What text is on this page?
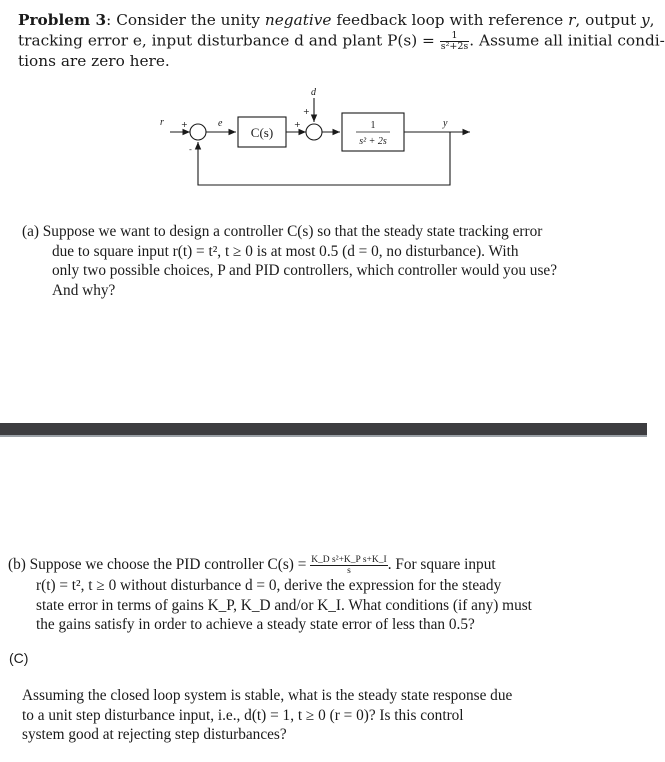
Problem 3: Consider the unity negative feedback loop with reference r, output y,
tracking error e, input disturbance d and plant $P(s) = \frac{1}{\text{s²+2s}}$ . Assume all initial condi-
tions are zero here.
r	e
d
y
+
-
+
+
C(s)	1
s² + 2s
(a) Suppose we want to design a controller C(s) so that the steady state tracking error
due to square input r(t) = t², t ≥ 0 is at most 0.5 (d = 0, no disturbance). With
only two possible choices, P and PID controllers, which controller would you use?
And why?
(b) Suppose we choose the PID controller $C(s) = \frac{\text{K\_D s²+K\_P s+K\_I}}{s}$ . For square input
r(t) = t², t ≥ 0 without disturbance d = 0, derive the expression for the steady
state error in terms of gains K_P, K_D and/or K_I. What conditions (if any) must
the gains satisfy in order to achieve a steady state error of less than 0.5?
(C)
Assuming the closed loop system is stable, what is the steady state response due
to a unit step disturbance input, i.e., d(t) = 1, t ≥ 0 (r = 0)? Is this control
system good at rejecting step disturbances?
